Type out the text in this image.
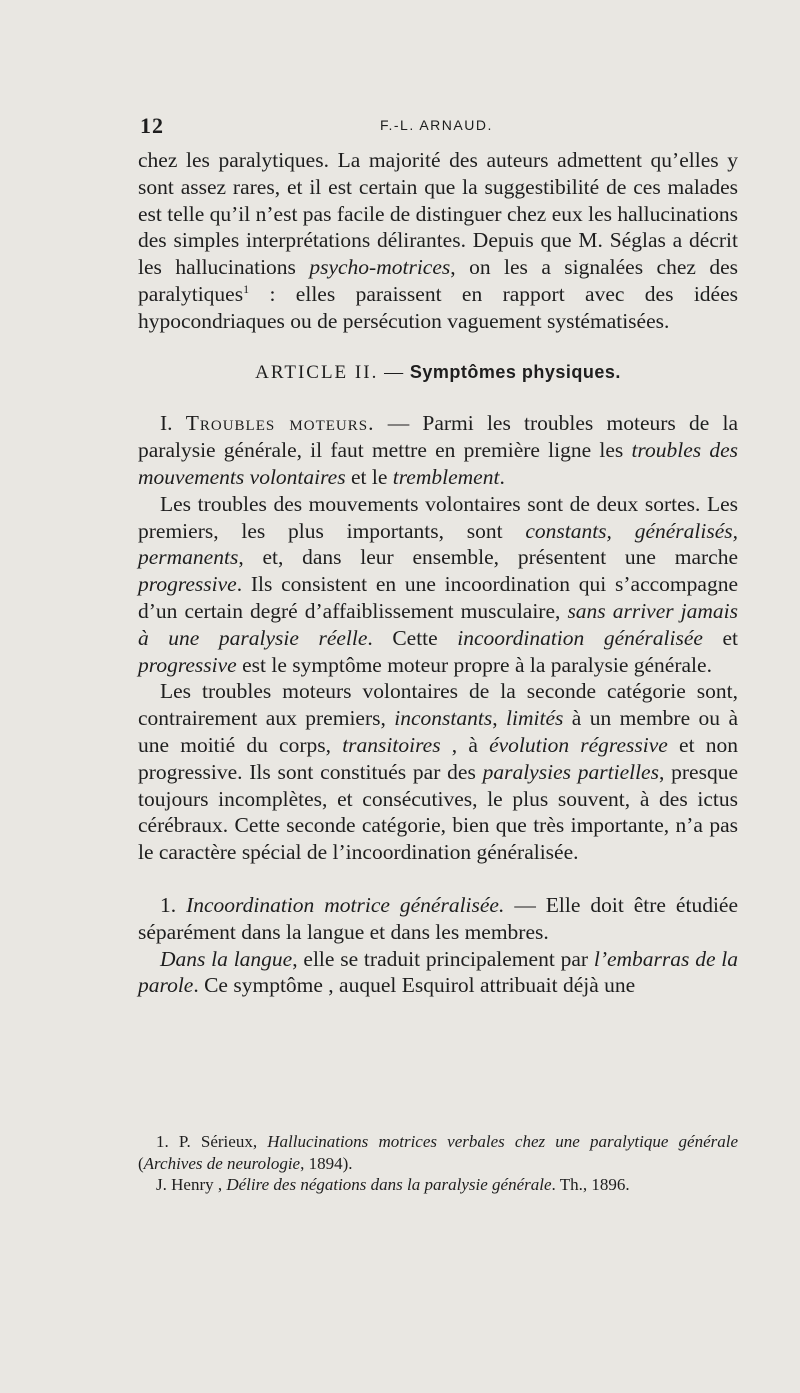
12	F.-L. ARNAUD.

chez les paralytiques. La majorité des auteurs admettent qu’elles y sont assez rares, et il est certain que la suggestibilité de ces malades est telle qu’il n’est pas facile de distinguer chez eux les hallucinations des simples interprétations délirantes. Depuis que M. Séglas a décrit les hallucinations psycho-motrices, on les a signalées chez des paralytiques$^1$ : elles paraissent en rapport avec des idées hypocondriaques ou de persécution vaguement systématisées.

ARTICLE II. — Symptômes physiques.

I. Troubles moteurs. — Parmi les troubles moteurs de la paralysie générale, il faut mettre en première ligne les troubles des mouvements volontaires et le tremblement.

Les troubles des mouvements volontaires sont de deux sortes. Les premiers, les plus importants, sont constants, généralisés, permanents, et, dans leur ensemble, présentent une marche progressive. Ils consistent en une incoordination qui s’accompagne d’un certain degré d’affaiblissement musculaire, sans arriver jamais à une paralysie réelle. Cette incoordination généralisée et progressive est le symptôme moteur propre à la paralysie générale.

Les troubles moteurs volontaires de la seconde catégorie sont, contrairement aux premiers, inconstants, limités à un membre ou à une moitié du corps, transitoires , à évolution régressive et non progressive. Ils sont constitués par des paralysies partielles, presque toujours incomplètes, et consécutives, le plus souvent, à des ictus cérébraux. Cette seconde catégorie, bien que très importante, n’a pas le caractère spécial de l’incoordination généralisée.

1. Incoordination motrice généralisée. — Elle doit être étudiée séparément dans la langue et dans les membres.

Dans la langue, elle se traduit principalement par l’embarras de la parole. Ce symptôme , auquel Esquirol attribuait déjà une

1. P. Sérieux, Hallucinations motrices verbales chez une paralytique générale (Archives de neurologie, 1894).

J. Henry , Délire des négations dans la paralysie générale. Th., 1896.
